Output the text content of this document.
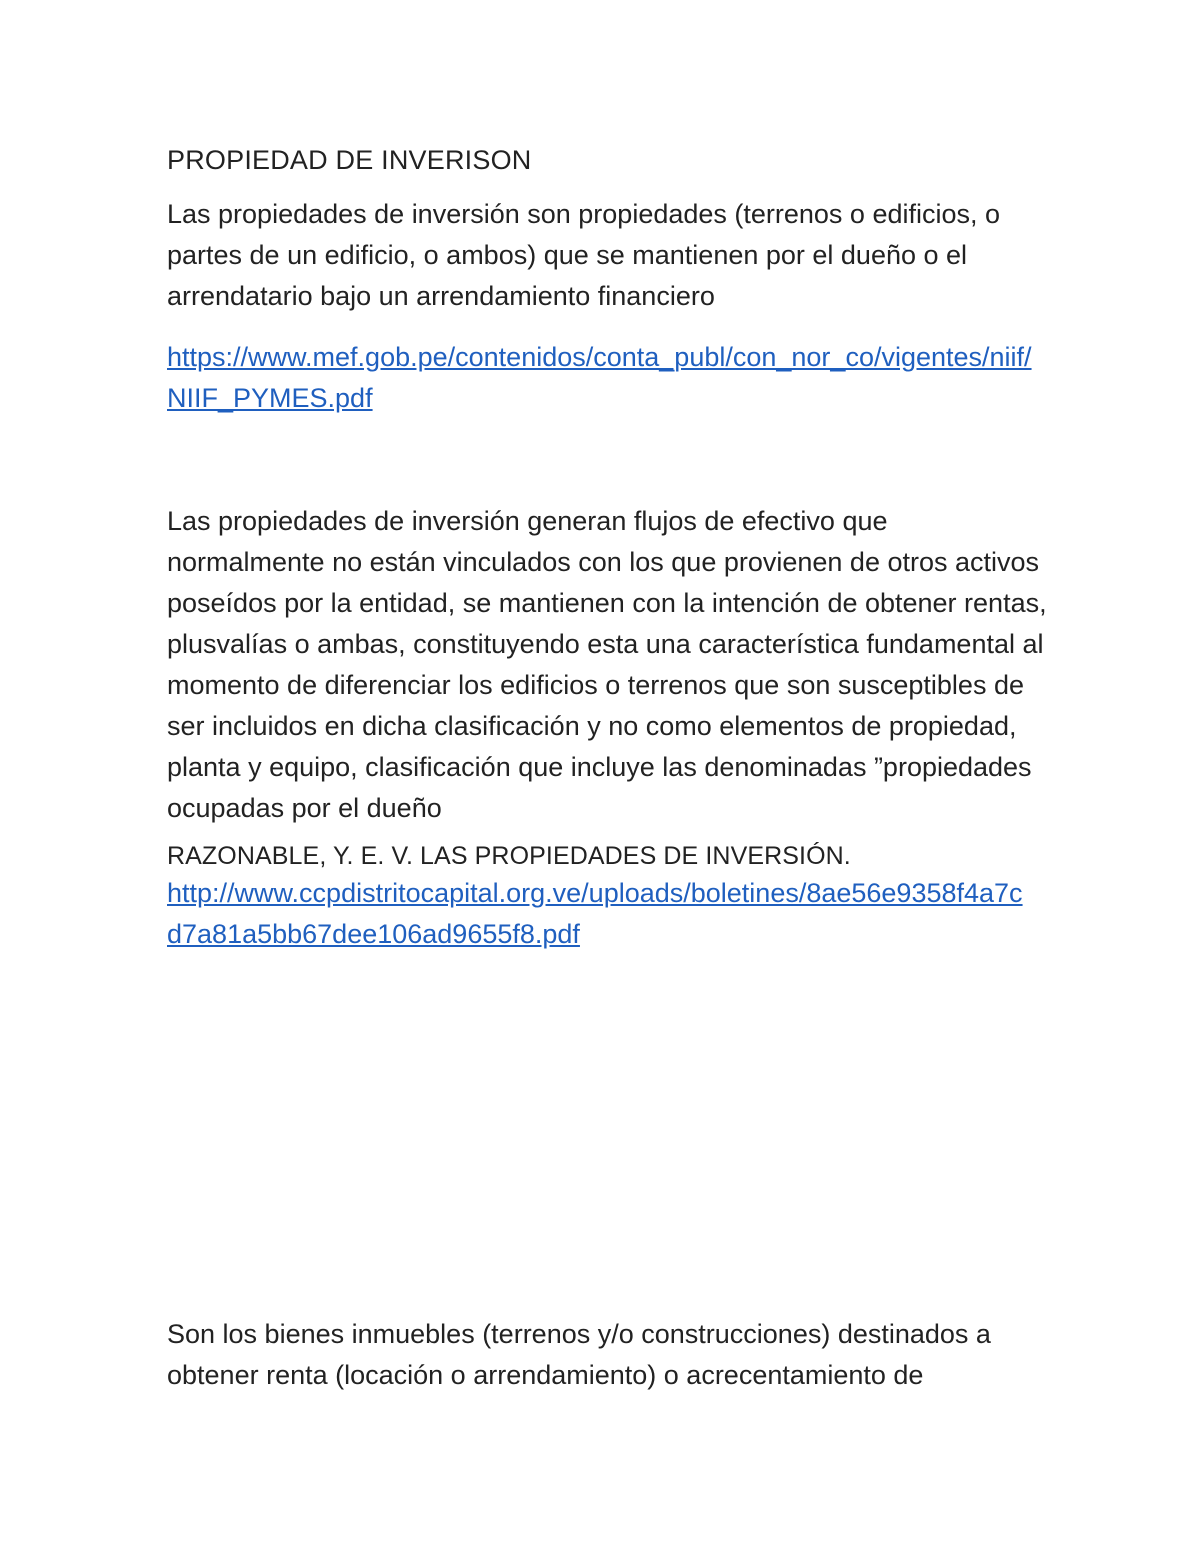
PROPIEDAD DE INVERISON

Las propiedades de inversión son propiedades (terrenos o edificios, o partes de un edificio, o ambos) que se mantienen por el dueño o el arrendatario bajo un arrendamiento financiero

https://www.mef.gob.pe/contenidos/conta_publ/con_nor_co/vigentes/niif/NIIF_PYMES.pdf

Las propiedades de inversión generan flujos de efectivo que normalmente no están vinculados con los que provienen de otros activos poseídos por la entidad, se mantienen con la intención de obtener rentas, plusvalías o ambas, constituyendo esta una característica fundamental al momento de diferenciar los edificios o terrenos que son susceptibles de ser incluidos en dicha clasificación y no como elementos de propiedad, planta y equipo, clasificación que incluye las denominadas ”propiedades ocupadas por el dueño

RAZONABLE, Y. E. V. LAS PROPIEDADES DE INVERSIÓN.

http://www.ccpdistritocapital.org.ve/uploads/boletines/8ae56e9358f4a7cd7a81a5bb67dee106ad9655f8.pdf

Son los bienes inmuebles (terrenos y/o construcciones) destinados a obtener renta (locación o arrendamiento) o acrecentamiento de
